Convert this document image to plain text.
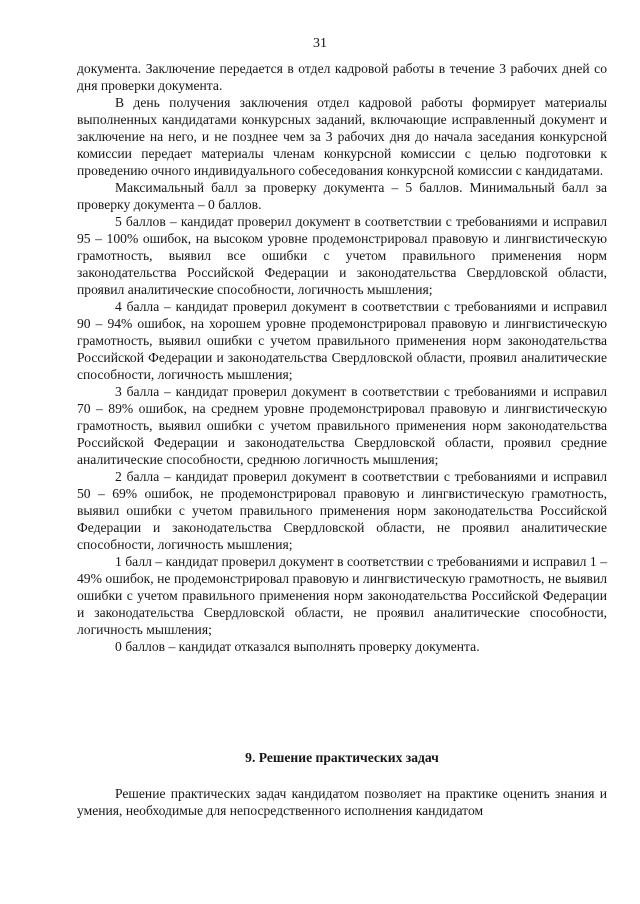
31

документа. Заключение передается в отдел кадровой работы в течение 3 рабочих дней со дня проверки документа.

В день получения заключения отдел кадровой работы формирует материалы выполненных кандидатами конкурсных заданий, включающие исправленный документ и заключение на него, и не позднее чем за 3 рабочих дня до начала заседания конкурсной комиссии передает материалы членам конкурсной комиссии с целью подготовки к проведению очного индивидуального собеседования конкурсной комиссии с кандидатами.

Максимальный балл за проверку документа – 5 баллов. Минимальный балл за проверку документа – 0 баллов.

5 баллов – кандидат проверил документ в соответствии с требованиями и исправил 95 – 100% ошибок, на высоком уровне продемонстрировал правовую и лингвистическую грамотность, выявил все ошибки с учетом правильного применения норм законодательства Российской Федерации и законодательства Свердловской области, проявил аналитические способности, логичность мышления;

4 балла – кандидат проверил документ в соответствии с требованиями и исправил 90 – 94% ошибок, на хорошем уровне продемонстрировал правовую и лингвистическую грамотность, выявил ошибки с учетом правильного применения норм законодательства Российской Федерации и законодательства Свердловской области, проявил аналитические способности, логичность мышления;

3 балла – кандидат проверил документ в соответствии с требованиями и исправил 70 – 89% ошибок, на среднем уровне продемонстрировал правовую и лингвистическую грамотность, выявил ошибки с учетом правильного применения норм законодательства Российской Федерации и законодательства Свердловской области, проявил средние аналитические способности, среднюю логичность мышления;

2 балла – кандидат проверил документ в соответствии с требованиями и исправил 50 – 69% ошибок, не продемонстрировал правовую и лингвистическую грамотность, выявил ошибки с учетом правильного применения норм законодательства Российской Федерации и законодательства Свердловской области, не проявил аналитические способности, логичность мышления;

1 балл – кандидат проверил документ в соответствии с требованиями и исправил 1 – 49% ошибок, не продемонстрировал правовую и лингвистическую грамотность, не выявил ошибки с учетом правильного применения норм законодательства Российской Федерации и законодательства Свердловской области, не проявил аналитические способности, логичность мышления;

0 баллов – кандидат отказался выполнять проверку документа.

9. Решение практических задач

Решение практических задач кандидатом позволяет на практике оценить знания и умения, необходимые для непосредственного исполнения кандидатом
